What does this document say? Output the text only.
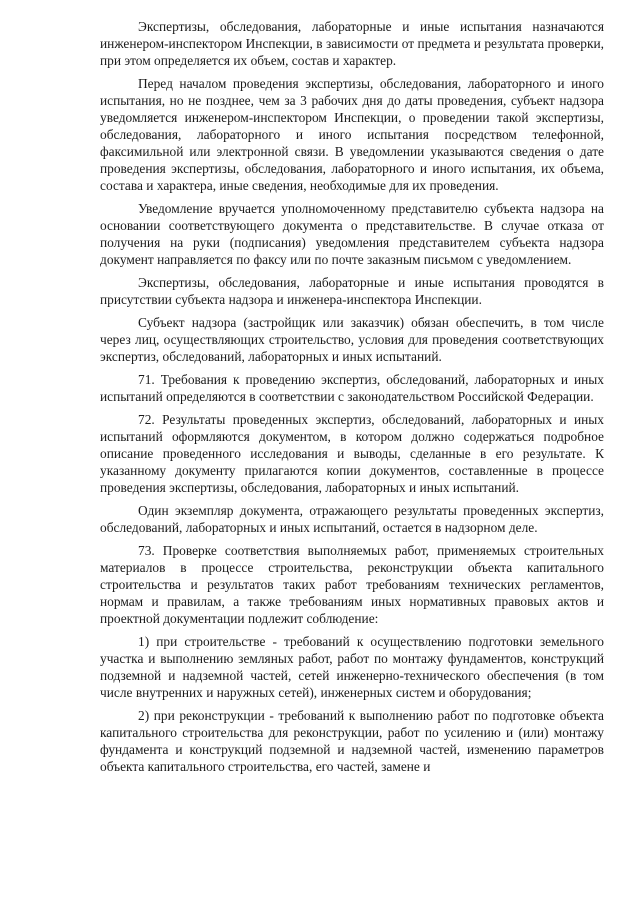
Экспертизы, обследования, лабораторные и иные испытания назначаются инженером-инспектором Инспекции, в зависимости от предмета и результата проверки, при этом определяется их объем, состав и характер.

Перед началом проведения экспертизы, обследования, лабораторного и иного испытания, но не позднее, чем за 3 рабочих дня до даты проведения, субъект надзора уведомляется инженером-инспектором Инспекции, о проведении такой экспертизы, обследования, лабораторного и иного испытания посредством телефонной, факсимильной или электронной связи. В уведомлении указываются сведения о дате проведения экспертизы, обследования, лабораторного и иного испытания, их объема, состава и характера, иные сведения, необходимые для их проведения.

Уведомление вручается уполномоченному представителю субъекта надзора на основании соответствующего документа о представительстве. В случае отказа от получения на руки (подписания) уведомления представителем субъекта надзора документ направляется по факсу или по почте заказным письмом с уведомлением.

Экспертизы, обследования, лабораторные и иные испытания проводятся в присутствии субъекта надзора и инженера-инспектора Инспекции.

Субъект надзора (застройщик или заказчик) обязан обеспечить, в том числе через лиц, осуществляющих строительство, условия для проведения соответствующих экспертиз, обследований, лабораторных и иных испытаний.

71. Требования к проведению экспертиз, обследований, лабораторных и иных испытаний определяются в соответствии с законодательством Российской Федерации.

72. Результаты проведенных экспертиз, обследований, лабораторных и иных испытаний оформляются документом, в котором должно содержаться подробное описание проведенного исследования и выводы, сделанные в его результате. К указанному документу прилагаются копии документов, составленные в процессе проведения экспертизы, обследования, лабораторных и иных испытаний.

Один экземпляр документа, отражающего результаты проведенных экспертиз, обследований, лабораторных и иных испытаний, остается в надзорном деле.

73. Проверке соответствия выполняемых работ, применяемых строительных материалов в процессе строительства, реконструкции объекта капитального строительства и результатов таких работ требованиям технических регламентов, нормам и правилам, а также требованиям иных нормативных правовых актов и проектной документации подлежит соблюдение:

1) при строительстве - требований к осуществлению подготовки земельного участка и выполнению земляных работ, работ по монтажу фундаментов, конструкций подземной и надземной частей, сетей инженерно-технического обеспечения (в том числе внутренних и наружных сетей), инженерных систем и оборудования;

2) при реконструкции - требований к выполнению работ по подготовке объекта капитального строительства для реконструкции, работ по усилению и (или) монтажу фундамента и конструкций подземной и надземной частей, изменению параметров объекта капитального строительства, его частей, замене и
